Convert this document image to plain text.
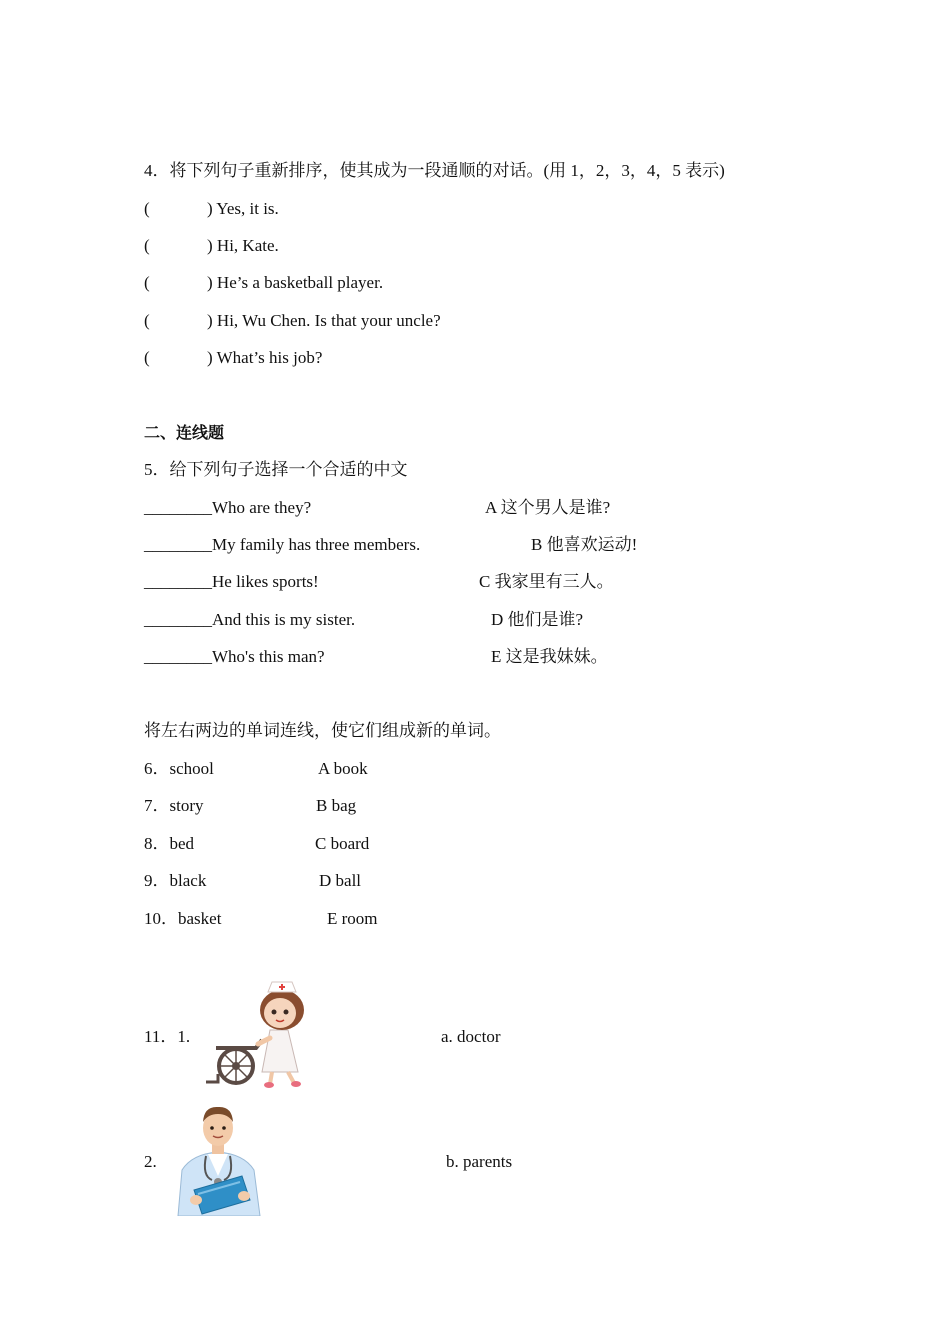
4．将下列句子重新排序，使其成为一段通顺的对话。(用 1，2，3，4，5 表示)
(	) Yes, it is.
(	) Hi, Kate.
(	) He’s a basketball player.
(	) Hi, Wu Chen. Is that your uncle?
(	) What’s his job?
二、连线题
5．给下列句子选择一个合适的中文
________Who are they?	A 这个男人是谁?
________My family has three members.	B 他喜欢运动!
________He likes sports!	C 我家里有三人。
________And this is my sister.	D 他们是谁?
________Who's this man?	E 这是我妹妹。
将左右两边的单词连线，使它们组成新的单词。
6．school	A book
7．story	B bag
8．bed	C board
9．black	D ball
10．basket	E room
11．1.	a. doctor
2.	b. parents
